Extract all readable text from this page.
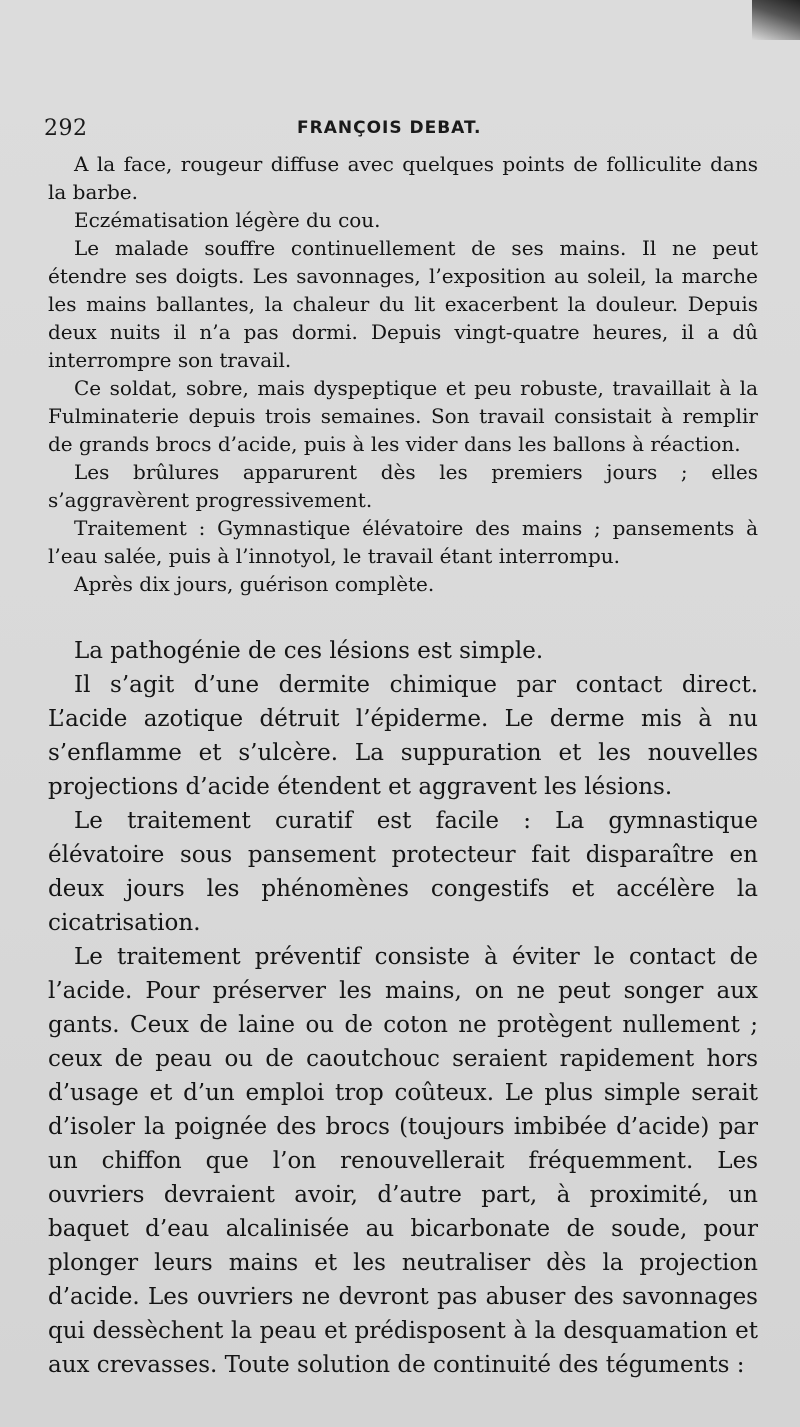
292	FRANÇOIS DEBAT.

A la face, rougeur diffuse avec quelques points de folliculite dans la barbe.

Eczématisation légère du cou.

Le malade souffre continuellement de ses mains. Il ne peut étendre ses doigts. Les savonnages, l’exposition au soleil, la marche les mains ballantes, la chaleur du lit exacerbent la douleur. Depuis deux nuits il n’a pas dormi. Depuis vingt-quatre heures, il a dû interrompre son travail.

Ce soldat, sobre, mais dyspeptique et peu robuste, travaillait à la Fulminaterie depuis trois semaines. Son travail consistait à remplir de grands brocs d’acide, puis à les vider dans les ballons à réaction.

Les brûlures apparurent dès les premiers jours ; elles s’aggravèrent progressivement.

Traitement : Gymnastique élévatoire des mains ; pansements à l’eau salée, puis à l’innotyol, le travail étant interrompu.

Après dix jours, guérison complète.

La pathogénie de ces lésions est simple.

Il s’agit d’une dermite chimique par contact direct. L’acide azotique détruit l’épiderme. Le derme mis à nu s’enflamme et s’ulcère. La suppuration et les nouvelles projections d’acide étendent et aggravent les lésions.

Le traitement curatif est facile : La gymnastique élévatoire sous pansement protecteur fait disparaître en deux jours les phénomènes congestifs et accélère la cicatrisation.

Le traitement préventif consiste à éviter le contact de l’acide. Pour préserver les mains, on ne peut songer aux gants. Ceux de laine ou de coton ne protègent nullement ; ceux de peau ou de caoutchouc seraient rapidement hors d’usage et d’un emploi trop coûteux. Le plus simple serait d’isoler la poignée des brocs (toujours imbibée d’acide) par un chiffon que l’on renouvellerait fréquemment. Les ouvriers devraient avoir, d’autre part, à proximité, un baquet d’eau alcalinisée au bicarbonate de soude, pour plonger leurs mains et les neutraliser dès la projection d’acide. Les ouvriers ne devront pas abuser des savonnages qui dessèchent la peau et prédisposent à la desquamation et aux crevasses. Toute solution de continuité des téguments :
